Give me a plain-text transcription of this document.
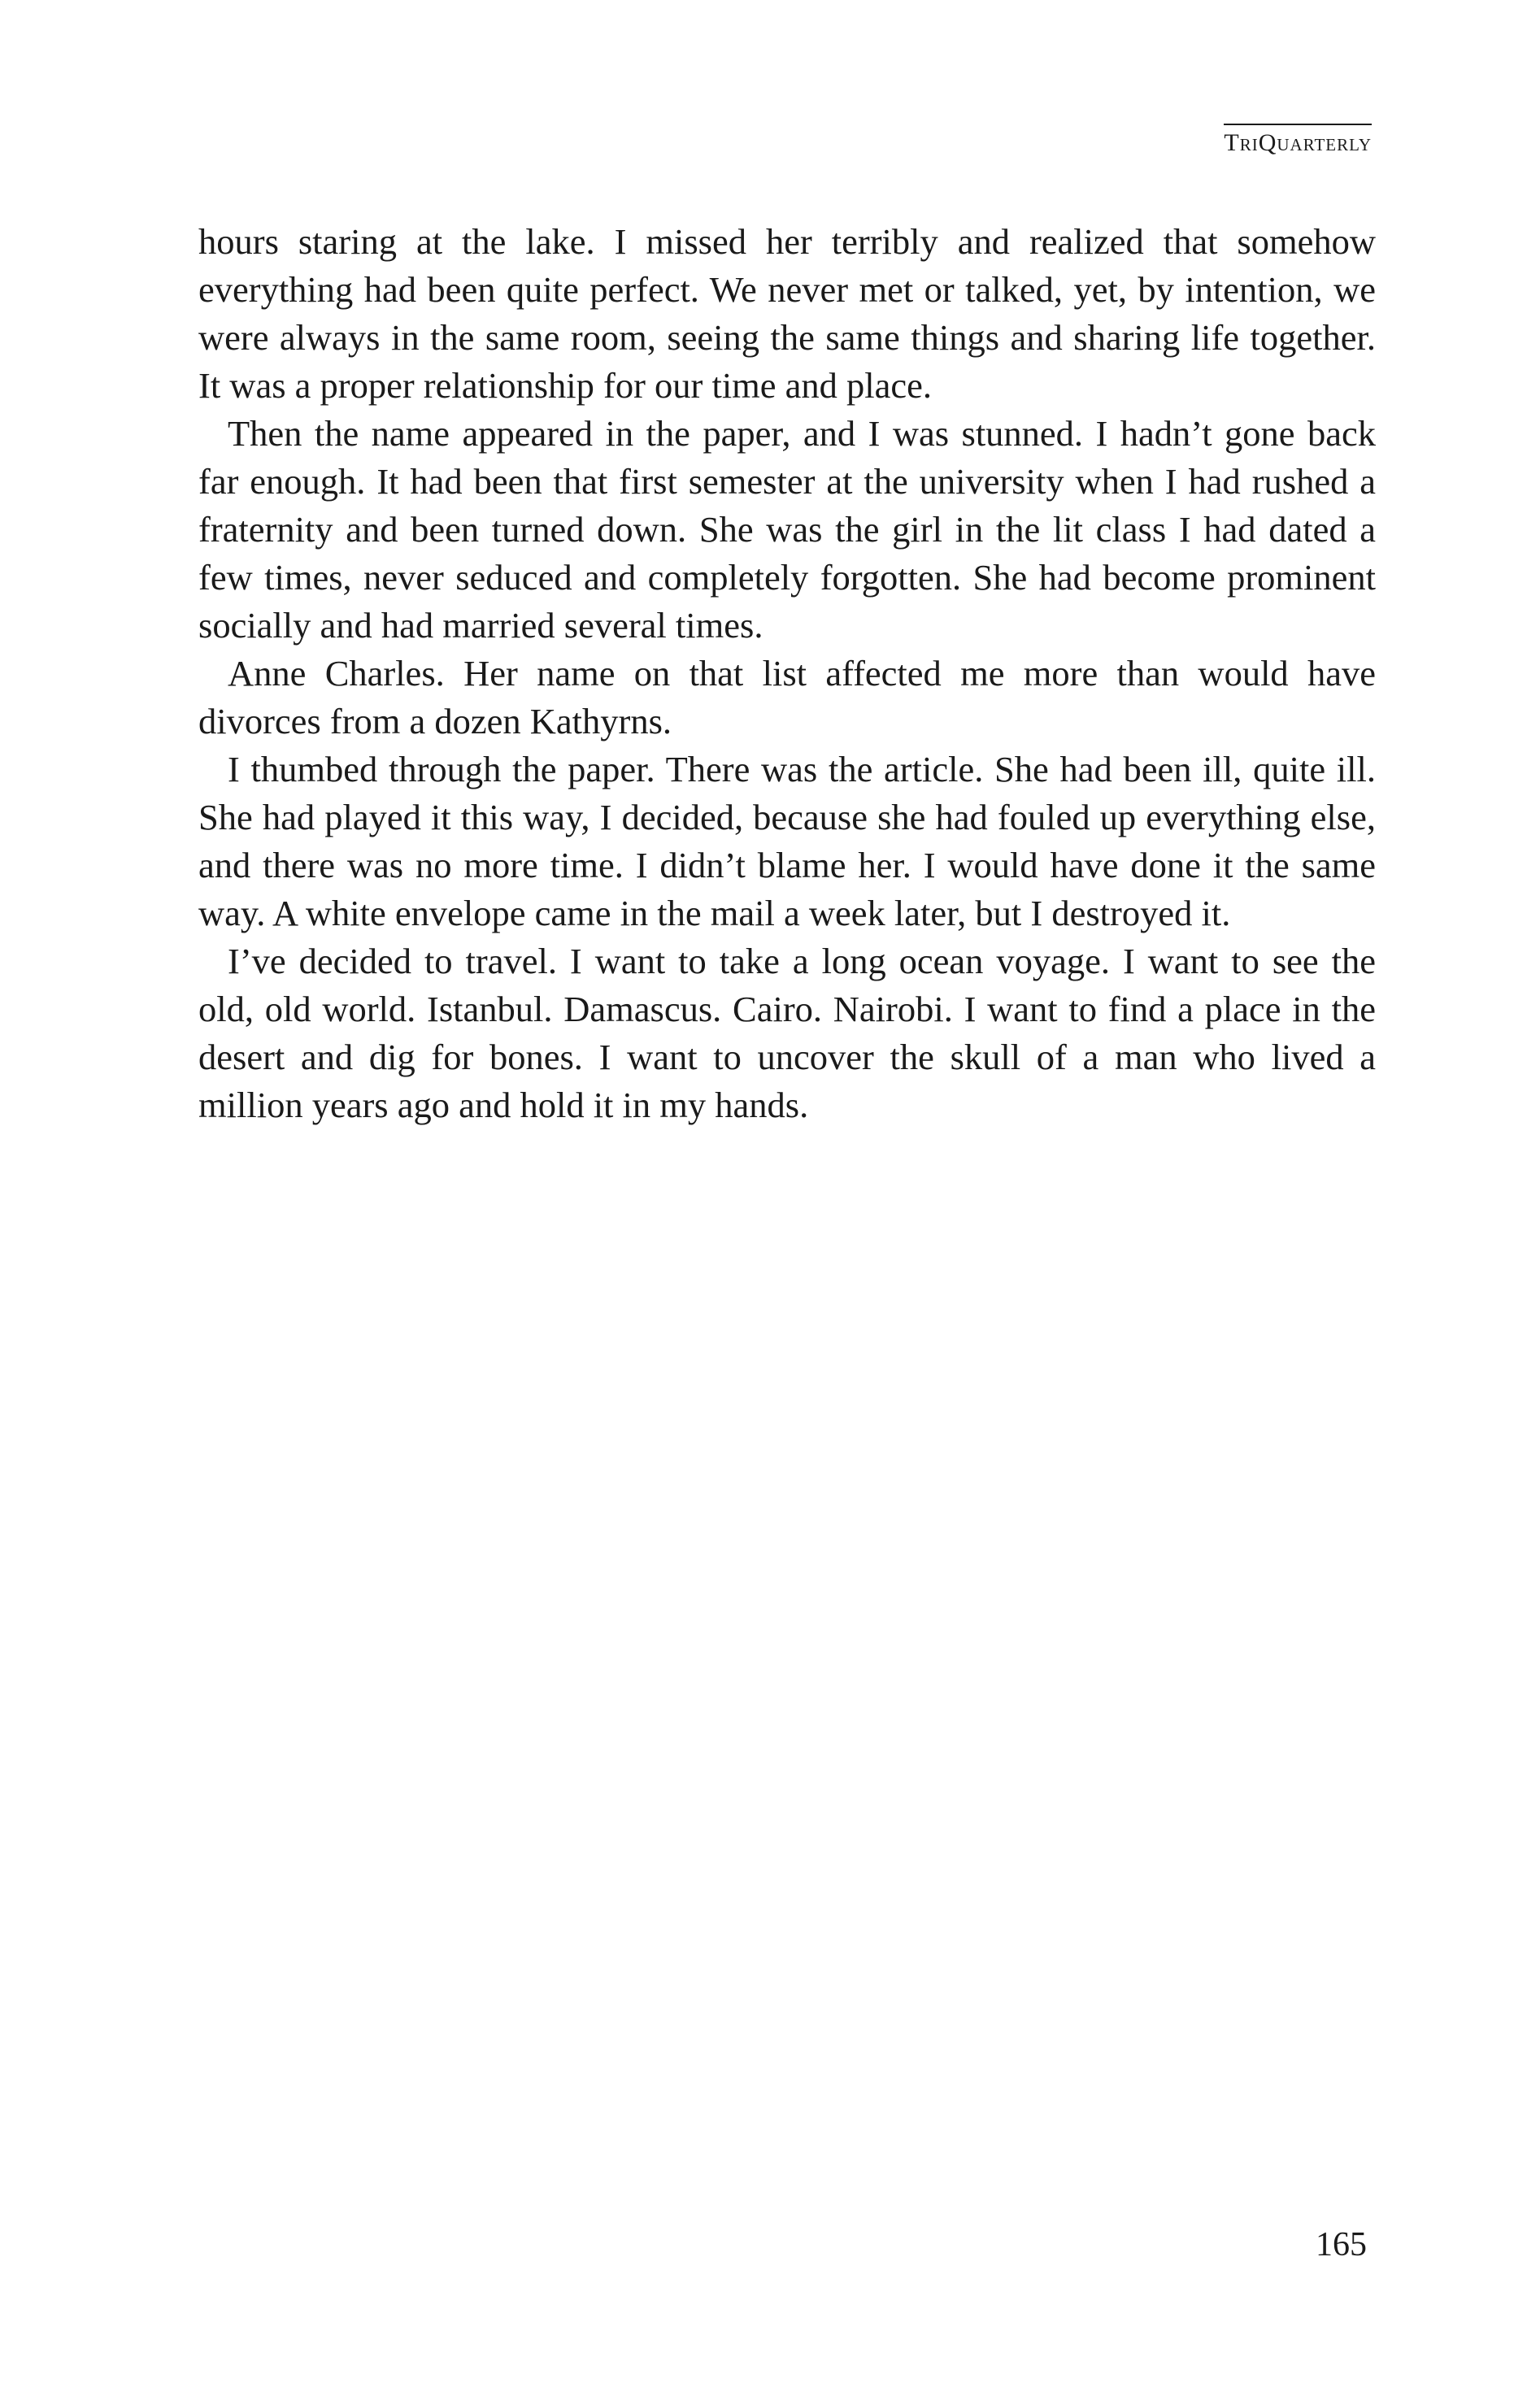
TriQuarterly

hours staring at the lake. I missed her terribly and realized that somehow everything had been quite perfect. We never met or talked, yet, by intention, we were always in the same room, seeing the same things and sharing life together. It was a proper relationship for our time and place.

Then the name appeared in the paper, and I was stunned. I hadn’t gone back far enough. It had been that first semester at the university when I had rushed a fraternity and been turned down. She was the girl in the lit class I had dated a few times, never seduced and completely forgotten. She had become prominent socially and had married several times.

Anne Charles. Her name on that list affected me more than would have divorces from a dozen Kathyrns.

I thumbed through the paper. There was the article. She had been ill, quite ill. She had played it this way, I decided, because she had fouled up everything else, and there was no more time. I didn’t blame her. I would have done it the same way. A white envelope came in the mail a week later, but I destroyed it.

I’ve decided to travel. I want to take a long ocean voyage. I want to see the old, old world. Istanbul. Damascus. Cairo. Nairobi. I want to find a place in the desert and dig for bones. I want to uncover the skull of a man who lived a million years ago and hold it in my hands.

165
